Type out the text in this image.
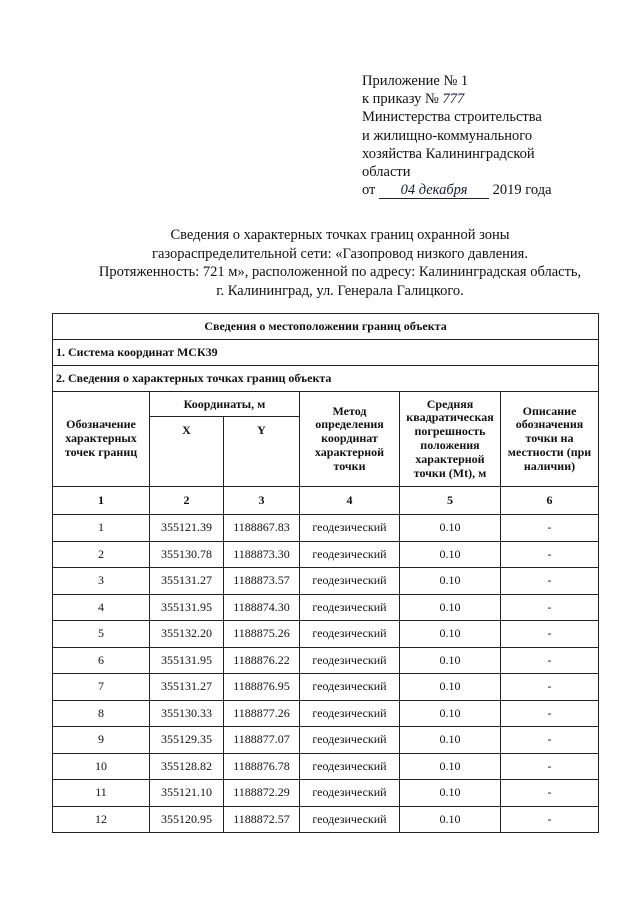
Приложение № 1
к приказу № 777
Министерства строительства
и жилищно-коммунального
хозяйства Калининградской
области
от 04 декабря 2019 года
Сведения о характерных точках границ охранной зоны
газораспределительной сети: «Газопровод низкого давления.
Протяженность: 721 м», расположенной по адресу: Калининградская область,
г. Калининград, ул. Генерала Галицкого.
Сведения о местоположении границ объекта					
1. Система координат МСК39					
2. Сведения о характерных точках границ объекта					
Обозначение характерных точек границ	Координаты, м		Метод определения координат характерной точки	Средняя квадратическая погрешность положения характерной точки (Mt), м	Описание обозначения точки на местности (при наличии)
	X	Y			
1	2	3	4	5	6
1	355121.39	1188867.83	геодезический	0.10	-
2	355130.78	1188873.30	геодезический	0.10	-
3	355131.27	1188873.57	геодезический	0.10	-
4	355131.95	1188874.30	геодезический	0.10	-
5	355132.20	1188875.26	геодезический	0.10	-
6	355131.95	1188876.22	геодезический	0.10	-
7	355131.27	1188876.95	геодезический	0.10	-
8	355130.33	1188877.26	геодезический	0.10	-
9	355129.35	1188877.07	геодезический	0.10	-
10	355128.82	1188876.78	геодезический	0.10	-
11	355121.10	1188872.29	геодезический	0.10	-
12	355120.95	1188872.57	геодезический	0.10	-
